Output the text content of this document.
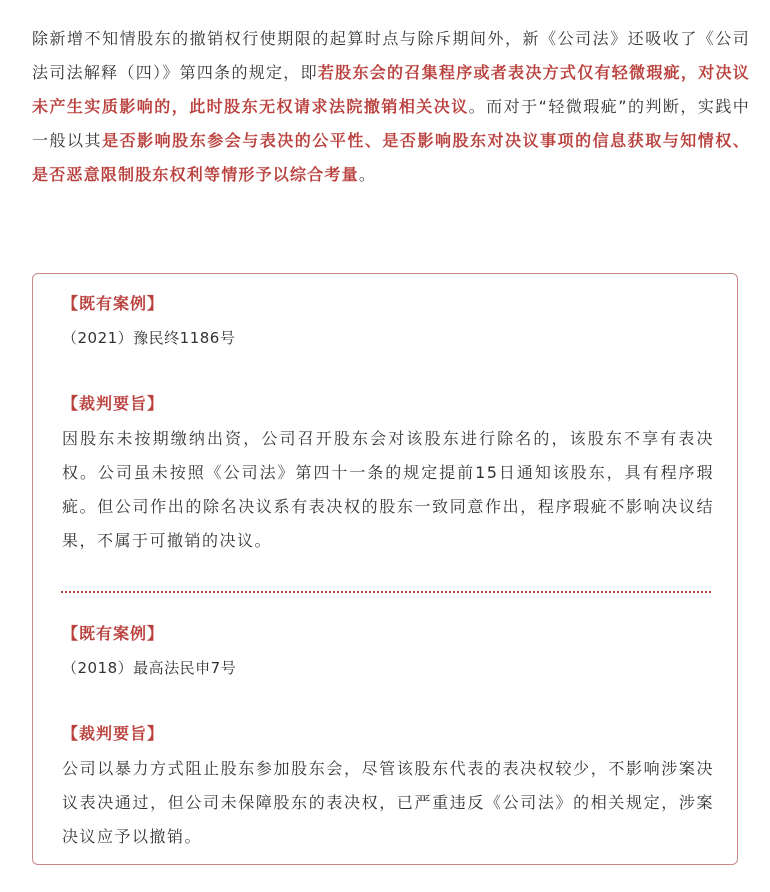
除新增不知情股东的撤销权行使期限的起算时点与除斥期间外，新《公司法》还吸收了《公司法司法解释（四）》第四条的规定，即若股东会的召集程序或者表决方式仅有轻微瑕疵，对决议未产生实质影响的，此时股东无权请求法院撤销相关决议。而对于“轻微瑕疵”的判断，实践中一般以其是否影响股东参会与表决的公平性、是否影响股东对决议事项的信息获取与知情权、是否恶意限制股东权利等情形予以综合考量。

【既有案例】
（2021）豫民终1186号
【裁判要旨】

因股东未按期缴纳出资，公司召开股东会对该股东进行除名的，该股东不享有表决权。公司虽未按照《公司法》第四十一条的规定提前15日通知该股东，具有程序瑕疵。但公司作出的除名决议系有表决权的股东一致同意作出，程序瑕疵不影响决议结果，不属于可撤销的决议。

【既有案例】
（2018）最高法民申7号
【裁判要旨】

公司以暴力方式阻止股东参加股东会，尽管该股东代表的表决权较少，不影响涉案决议表决通过，但公司未保障股东的表决权，已严重违反《公司法》的相关规定，涉案决议应予以撤销。
